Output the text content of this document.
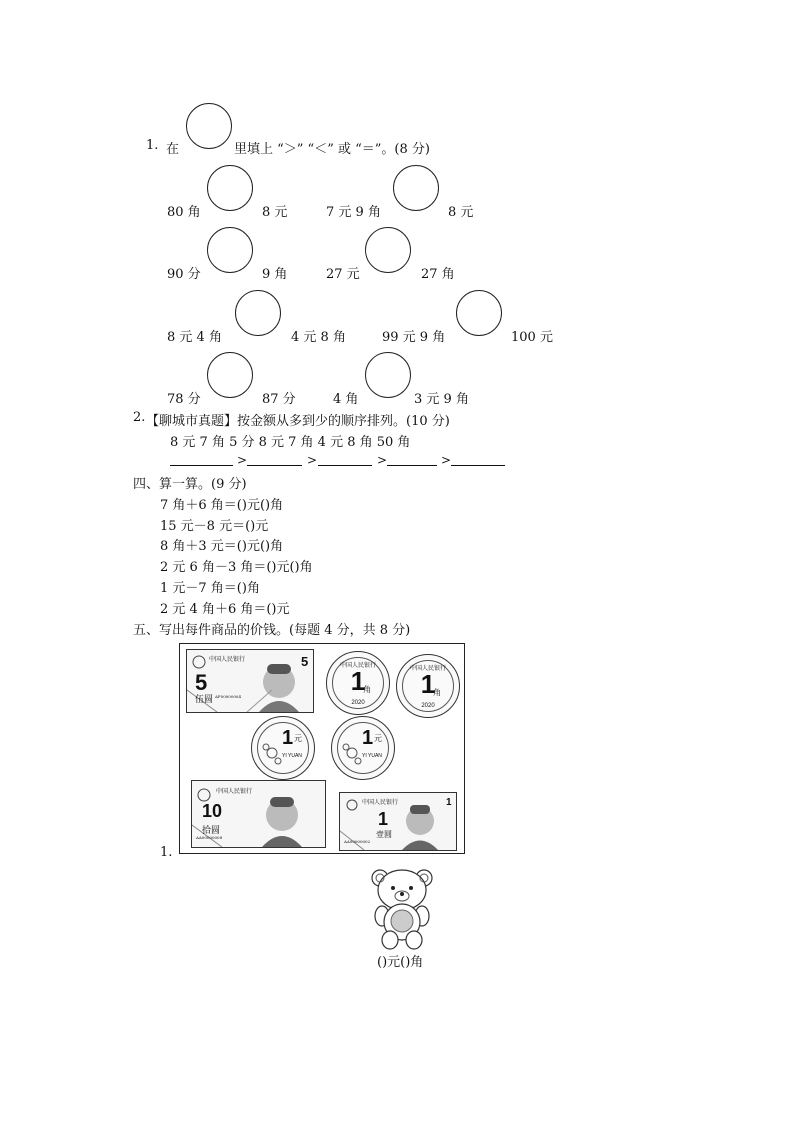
1. 在	里填上 “＞” “＜” 或 “＝”。(8 分)
80 角	8 元	7 元 9 角	8 元
90 分	9 角	27 元	27 角
8 元 4 角	4 元 8 角	99 元 9 角	100 元
78 分	87 分	4 角	3 元 9 角
2. 【聊城市真题】按金额从多到少的顺序排列。(10 分)
8 元 7 角 5 分 8 元 7 角 4 元 8 角 50 角
>	>	>	>
四、算一算。(9 分)
7 角＋6 角＝()元()角
15 元－8 元＝()元
8 角＋3 元＝()元()角
2 元 6 角－3 角＝()元()角
1 元－7 角＝()角
2 元 4 角＋6 角＝()元
五、写出每件商品的价钱。(每题 4 分，共 8 分)
中国人民银行	5
5
伍圆 AF00000004
中国人民银行
1
角
2020
中国人民银行
1
角
2020
1 元
YI YUAN
1 元
YI YUAN
中国人民银行
10
拾圆
AA00000008
中国人民银行	1
1
壹圆
AA00000002
1.
()元()角
